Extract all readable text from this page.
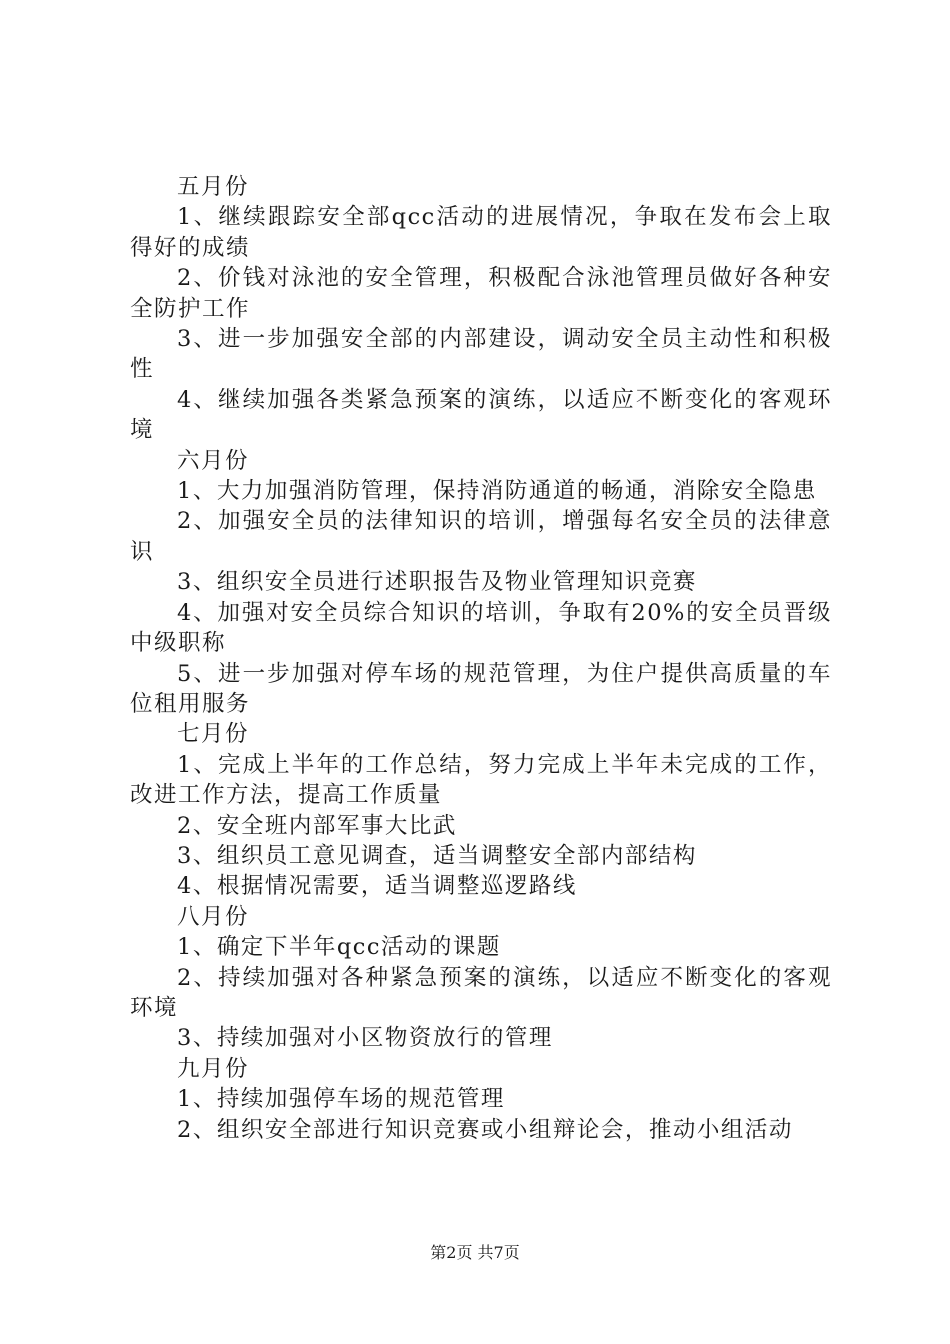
五月份

1、继续跟踪安全部qcc活动的进展情况，争取在发布会上取得好的成绩

2、价钱对泳池的安全管理，积极配合泳池管理员做好各种安全防护工作

3、进一步加强安全部的内部建设，调动安全员主动性和积极性

4、继续加强各类紧急预案的演练，以适应不断变化的客观环境

六月份

1、大力加强消防管理，保持消防通道的畅通，消除安全隐患

2、加强安全员的法律知识的培训，增强每名安全员的法律意识

3、组织安全员进行述职报告及物业管理知识竞赛

4、加强对安全员综合知识的培训，争取有20%的安全员晋级中级职称

5、进一步加强对停车场的规范管理，为住户提供高质量的车位租用服务

七月份

1、完成上半年的工作总结，努力完成上半年未完成的工作，改进工作方法，提高工作质量

2、安全班内部军事大比武

3、组织员工意见调查，适当调整安全部内部结构

4、根据情况需要，适当调整巡逻路线

八月份

1、确定下半年qcc活动的课题

2、持续加强对各种紧急预案的演练，以适应不断变化的客观环境

3、持续加强对小区物资放行的管理

九月份

1、持续加强停车场的规范管理

2、组织安全部进行知识竞赛或小组辩论会，推动小组活动

第2页 共7页
